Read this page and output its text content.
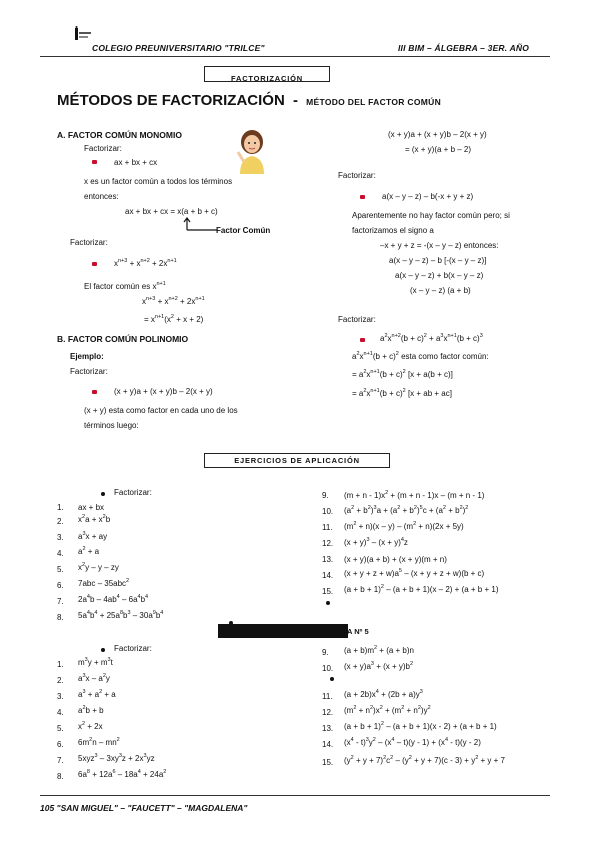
COLEGIO PREUNIVERSITARIO "TRILCE"	III BIM – ÁLGEBRA – 3ER. AÑO
FACTORIZACIÓN
MÉTODOS DE FACTORIZACIÓN - MÉTODO DEL FACTOR COMÚN
A. FACTOR COMÚN MONOMIO
Factorizar:
ax + bx + cx
x es un factor común a todos los términos
entonces:
ax + bx + cx = x(a + b + c)
Factor Común
Factorizar:
$x^{n+3} + x^{n+2} + 2x^{n+1}$
El factor común es $x^{n+1}$
$x^{n+3} + x^{n+2} + 2x^{n+1}$
= $x^{n+1}(x^2 + x + 2)$
B. FACTOR COMÚN POLINOMIO
Ejemplo:
Factorizar:
(x + y)a + (x + y)b – 2(x + y)
(x + y) esta como factor en cada uno de los
términos luego:
(x + y)a + (x + y)b – 2(x + y)
= (x + y)(a + b – 2)
Factorizar:
a(x – y – z) – b(-x + y + z)
Aparentemente no hay factor común pero; si
factorizamos el signo a
–x + y + z = -(x – y – z) entonces:
a(x – y – z) – b [-(x – y – z)]
a(x – y – z) + b(x – y – z)
(x – y – z) (a + b)
Factorizar:
$a^2x^{n+2}(b + c)^2 + a^3x^{n+1}(b + c)^3$
$a^2x^{n+1}(b + c)^2$ esta como factor común:
= $a^2x^{n+1}(b + c)^2$ [x + a(b + c)]
= $a^2x^{n+1}(b + c)^2$ [x + ab + ac]
EJERCICIOS DE APLICACIÓN
Factorizar:
1.	ax + bx
2.	$x^2a + x^2b$
3.	$a^3x$ + ay
4.	$a^2 + a$
5.	$x^2y$ – y – zy
6.	7abc – 35abc$^2$
7.	$2a^4b - 4ab^4 - 6a^4b^4$
8.	$5a^4b^4 + 25a^8b^3 - 30a^9b^4$
9.	$(m + n - 1)x^2 + (m + n - 1)x - (m + n - 1)$
10.	$(a^2 + b^2)^3a + (a^2 + b^2)^5c + (a^2 + b^2)^2$
11.	$(m^2 + n)(x - y) - (m^2 + n)(2x + 5y)$
12.	$(x + y)^3 - (x + y)^4z$
13.	(x + y)(a + b) + (x + y)(m + n)
14.	$(x + y + z + w)a^5 - (x + y + z + w)(b + c)$
15.	$(a + b + 1)^2 - (a + b + 1)(x - 2) + (a + b + 1)$
A Nº 5
Factorizar:
1.	$m^3y + m^3t$
2.	$a^3x - a^2y$
3.	$a^3 + a^2 + a$
4.	$a^2b + b$
5.	$x^2 + 2x$
6.	$6m^2n - mn^2$
7.	$5xyz^3 - 3xy^3z + 2x^3yz$
8.	$6a^8 + 12a^6 - 18a^4 + 24a^2$
9.	$(a + b)m^2 + (a + b)n$
10.	$(x + y)a^3 + (x + y)b^2$
11.	$(a + 2b)x^4 + (2b + a)y^3$
12.	$(m^2 + n^2)x^2 + (m^2 + n^2)y^2$
13.	$(a + b + 1)^2 - (a + b + 1)(x - 2) + (a + b + 1)$
14.	$(x^4 - t)^3y^2 - (x^4 - t)(y - 1) + (x^4 - t)(y - 2)$
15.	$(y^2 + y + 7)^2c^2 - (y^2 + y + 7)(c - 3) + y^2 + y + 7$
105 "SAN MIGUEL" – "FAUCETT" – "MAGDALENA"
